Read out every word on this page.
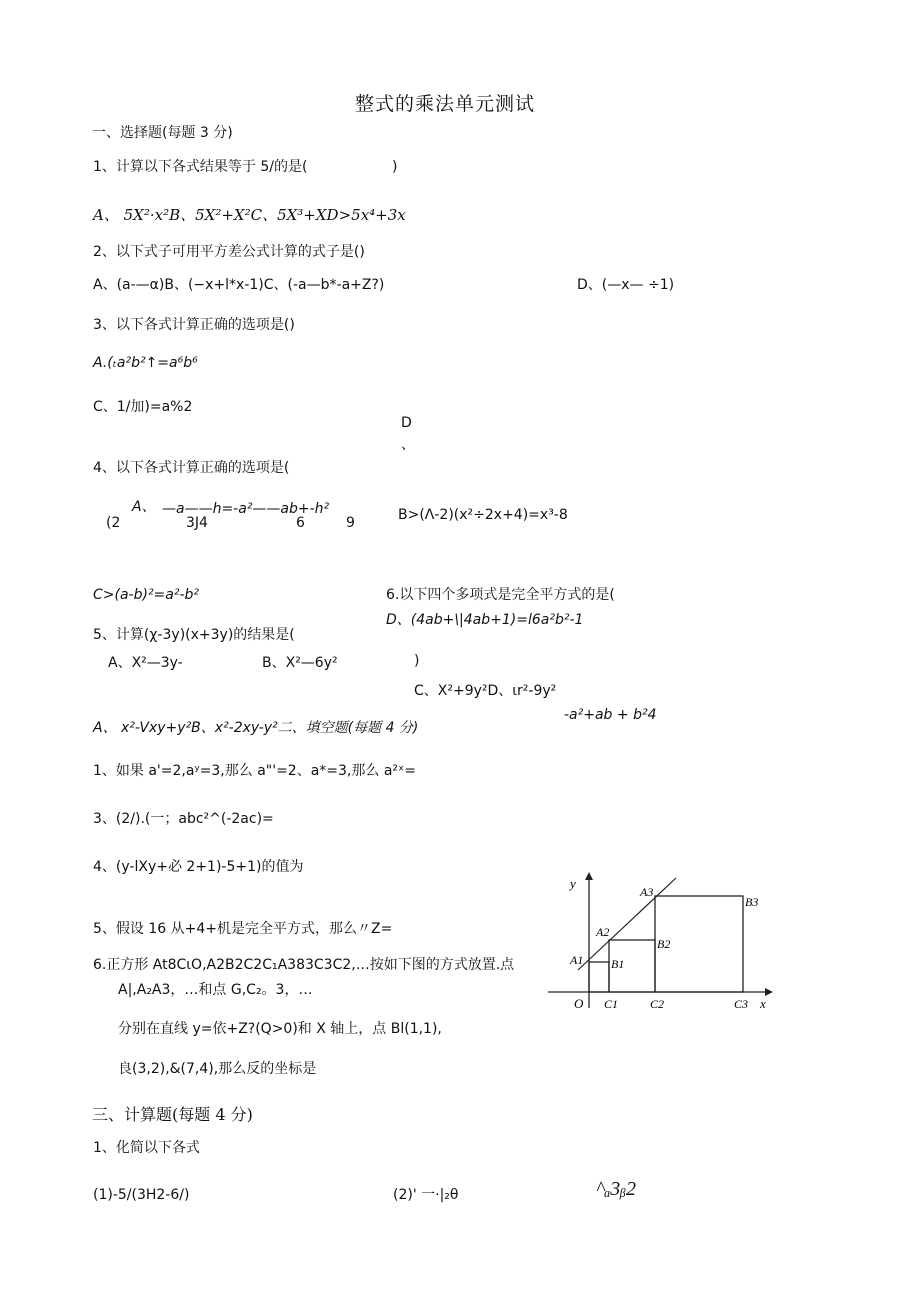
整式的乘法单元测试
一、选择题(每题 3 分)
1、计算以下各式结果等于 5/的是(	)
A、 5X²·x²B、5X²+X²C、5X³+XD>5x⁴+3x
2、以下式子可用平方差公式计算的式子是()
A、(a-—α)B、(−x+l*x-1)C、(-a—b*-a+Z?)	D、(—x— ÷1)
3、以下各式计算正确的选项是()
A.(ₜa²b²↑=a⁶b⁶
C、1/加)=a%2
D
、
4、以下各式计算正确的选项是(
A、 —a——h=-a²——ab+-h²
(2	3J4	6	9	B>(Λ-2)(x²÷2x+4)=x³-8
C>(a-b)²=a²-b²	6.以下四个多项式是完全平方式的是(
D、(4ab+\|4ab+1)=l6a²b²-1
5、计算(χ-3y)(x+3y)的结果是(
A、X²—3y-	B、X²—6y²	)
C、X²+9y²D、ιr²-9y²
-a²+ab + b²4
A、 x²-Vxy+y²B、x²-2xy-y²二、填空题(每题 4 分)
1、如果 a'=2,aʸ=3,那么 a"'=2、a*=3,那么 a²ˣ=
3、(2/).(一；abc²^(-2ac)=
4、(y-lXy+必 2+1)-5+1)的值为
5、假设 16 从+4+机是完全平方式，那么〃Z=
6.正方形 At8CιO,A2B2C2C₁A383C3C2,…按如下图的方式放置.点
A|,A₂A3，…和点 G,C₂。3，…
分别在直线 y=依+Z?(Q>0)和 X 轴上，点 Bl(1,1),
良(3,2),&(7,4),那么反的坐标是
y
x
O
A1
A2
A3
B1
B2
B3
C1	C2	C3
三、计算题(每题 4 分)
1、化简以下各式
(1)-5/(3H2-6/)	(2)' 一·|₂θ	^ₐ3ᵦ2
